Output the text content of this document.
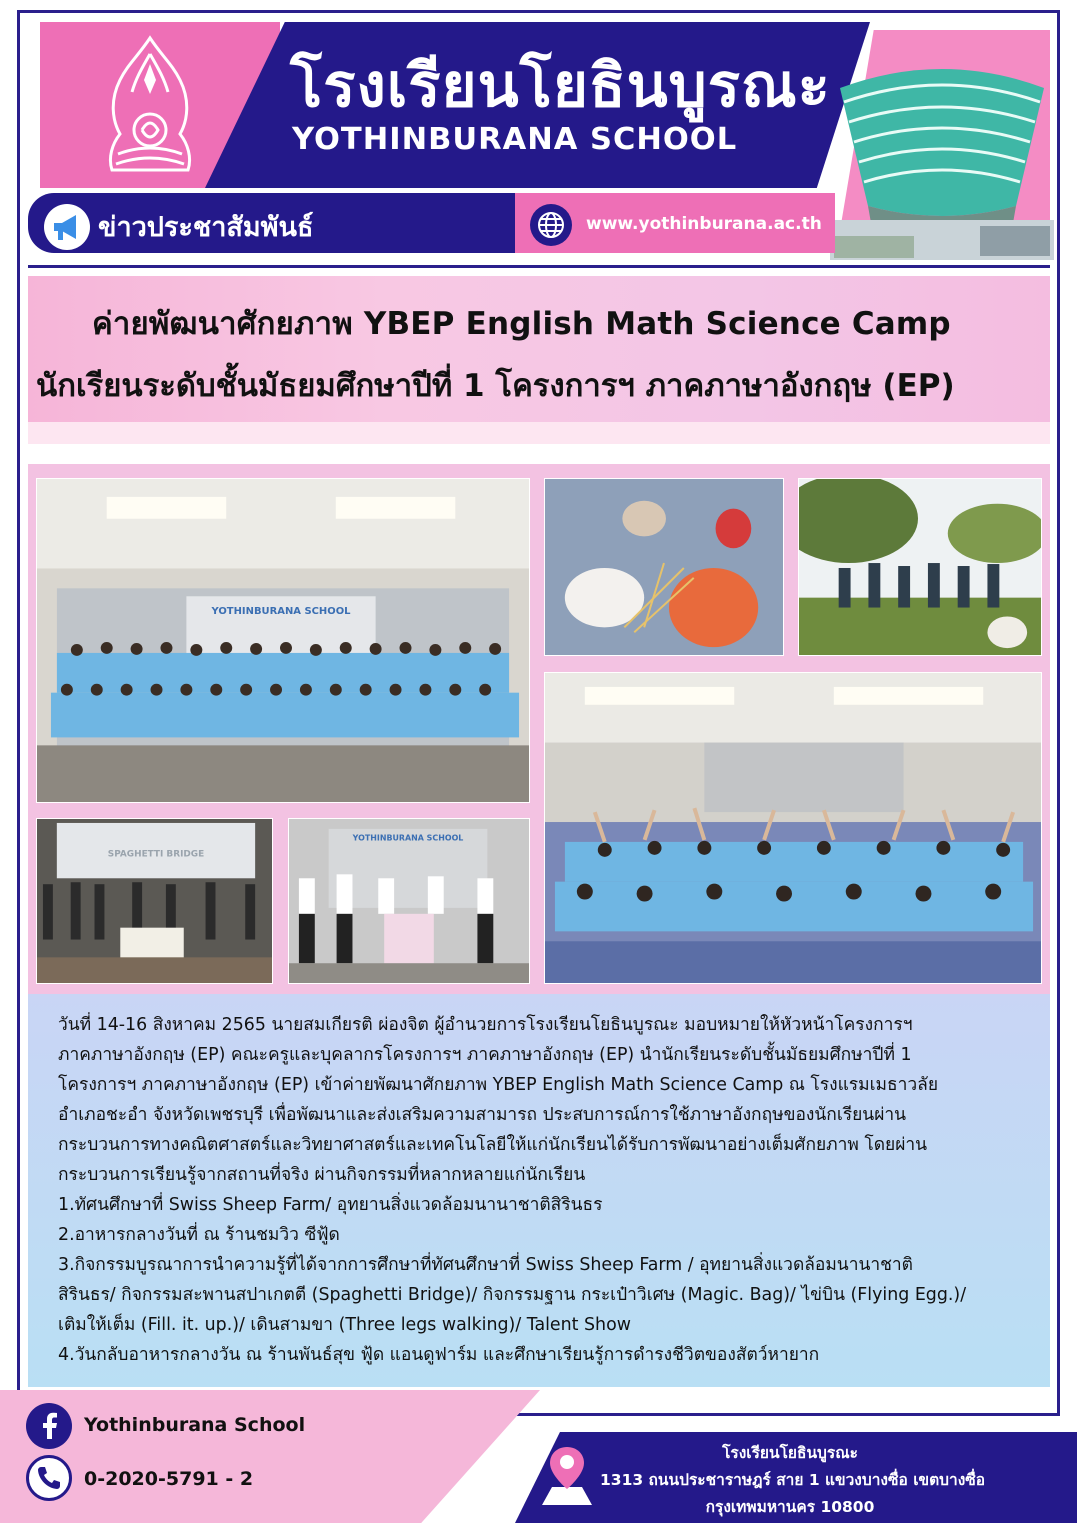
โรงเรียนโยธินบูรณะ
YOTHINBURANA SCHOOL
ข่าวประชาสัมพันธ์	www.yothinburana.ac.th
ค่ายพัฒนาศักยภาพ YBEP English Math Science Camp
นักเรียนระดับชั้นมัธยมศึกษาปีที่ 1 โครงการฯ ภาคภาษาอังกฤษ (EP)
YOTHINBURANA SCHOOL
SPAGHETTI BRIDGE
YOTHINBURANA SCHOOL
วันที่ 14-16 สิงหาคม 2565 นายสมเกียรติ ผ่องจิต ผู้อำนวยการโรงเรียนโยธินบูรณะ มอบหมายให้หัวหน้าโครงการฯ
ภาคภาษาอังกฤษ (EP) คณะครูและบุคลากรโครงการฯ ภาคภาษาอังกฤษ (EP) นำนักเรียนระดับชั้นมัธยมศึกษาปีที่ 1
โครงการฯ ภาคภาษาอังกฤษ (EP) เข้าค่ายพัฒนาศักยภาพ YBEP English Math Science Camp ณ โรงแรมเมธาวลัย
อำเภอชะอำ จังหวัดเพชรบุรี เพื่อพัฒนาและส่งเสริมความสามารถ ประสบการณ์การใช้ภาษาอังกฤษของนักเรียนผ่าน
กระบวนการทางคณิตศาสตร์และวิทยาศาสตร์และเทคโนโลยีให้แก่นักเรียนได้รับการพัฒนาอย่างเต็มศักยภาพ โดยผ่าน
กระบวนการเรียนรู้จากสถานที่จริง ผ่านกิจกรรมที่หลากหลายแก่นักเรียน
1.ทัศนศึกษาที่ Swiss Sheep Farm/ อุทยานสิ่งแวดล้อมนานาชาติสิรินธร
2.อาหารกลางวันที่ ณ ร้านชมวิว ซีฟู้ด
3.กิจกรรมบูรณาการนำความรู้ที่ได้จากการศึกษาที่ทัศนศึกษาที่ Swiss Sheep Farm / อุทยานสิ่งแวดล้อมนานาชาติ
สิรินธร/ กิจกรรมสะพานสปาเกตตี (Spaghetti Bridge)/ กิจกรรมฐาน กระเป๋าวิเศษ (Magic. Bag)/ ไข่บิน (Flying Egg.)/
เติมให้เต็ม (Fill. it. up.)/ เดินสามขา (Three legs walking)/ Talent Show
4.วันกลับอาหารกลางวัน ณ ร้านพันธ์สุข ฟู้ด แอนดูฟาร์ม และศึกษาเรียนรู้การดำรงชีวิตของสัตว์หายาก
Yothinburana School
0-2020-5791 - 2
โรงเรียนโยธินบูรณะ
1313 ถนนประชาราษฎร์ สาย 1 แขวงบางซื่อ เขตบางซื่อ
กรุงเทพมหานคร 10800
